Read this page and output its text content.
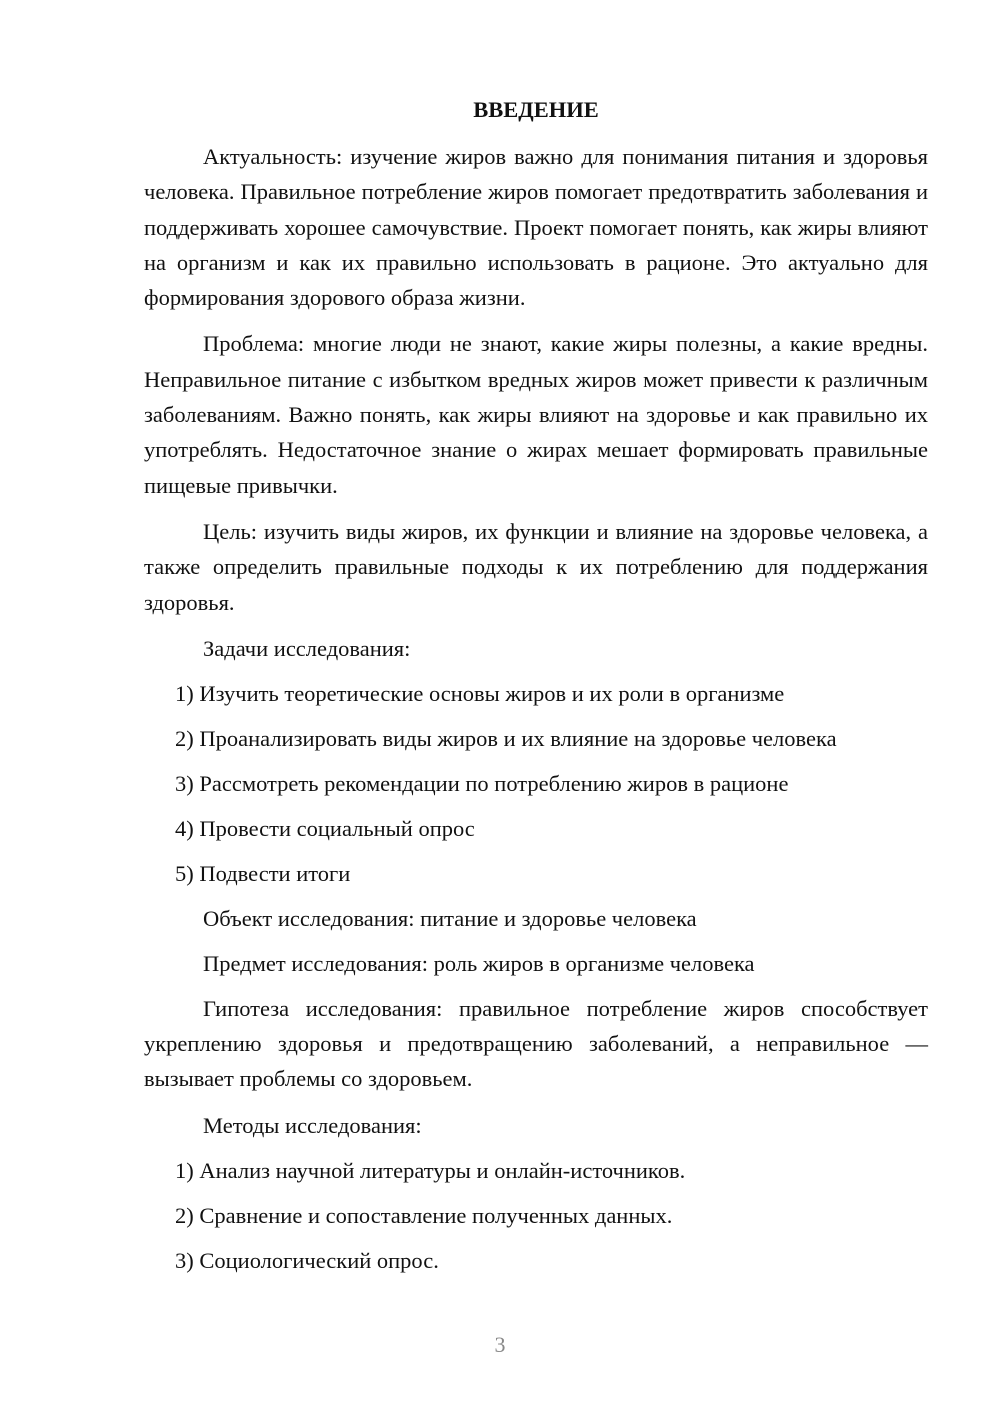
ВВЕДЕНИЕ

Актуальность: изучение жиров важно для понимания питания и здоровья человека. Правильное потребление жиров помогает предотвратить заболевания и поддерживать хорошее самочувствие. Проект помогает понять, как жиры влияют на организм и как их правильно использовать в рационе. Это актуально для формирования здорового образа жизни.

Проблема: многие люди не знают, какие жиры полезны, а какие вредны. Неправильное питание с избытком вредных жиров может привести к различным заболеваниям. Важно понять, как жиры влияют на здоровье и как правильно их употреблять. Недостаточное знание о жирах мешает формировать правильные пищевые привычки.

Цель: изучить виды жиров, их функции и влияние на здоровье человека, а также определить правильные подходы к их потреблению для поддержания здоровья.

Задачи исследования:
1) Изучить теоретические основы жиров и их роли в организме
2) Проанализировать виды жиров и их влияние на здоровье человека
3) Рассмотреть рекомендации по потреблению жиров в рационе
4) Провести социальный опрос
5) Подвести итоги
Объект исследования: питание и здоровье человека
Предмет исследования: роль жиров в организме человека

Гипотеза исследования: правильное потребление жиров способствует укреплению здоровья и предотвращению заболеваний, а неправильное — вызывает проблемы со здоровьем.

Методы исследования:
1) Анализ научной литературы и онлайн-источников.
2) Сравнение и сопоставление полученных данных.
3) Социологический опрос.
3
